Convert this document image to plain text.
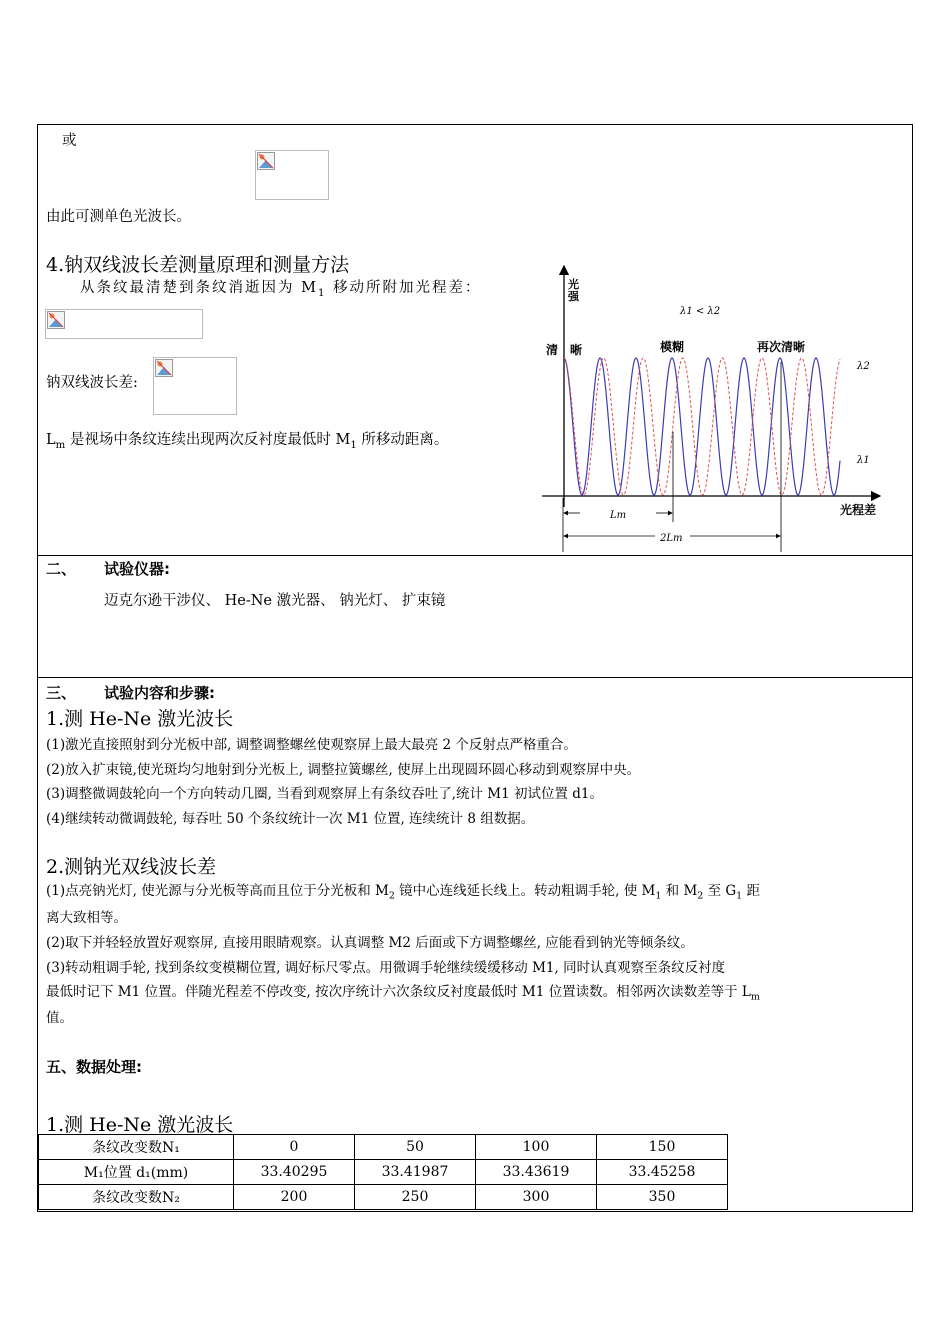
或
由此可测单色光波长。
4.钠双线波长差测量原理和测量方法
从条纹最清楚到条纹消逝因为 $M_1$ 移动所附加光程差：
钠双线波长差:
$L_m$ 是视场中条纹连续出现两次反衬度最低时 $M_1$ 所移动距离。
光
强
λ1 < λ2
清　晰	模糊	再次清晰
λ2
λ1
光程差
Lm
2Lm
二、 试验仪器:
迈克尔逊干涉仪、 He-Ne 激光器、 钠光灯、 扩束镜
三、 试验内容和步骤:
1.测 He-Ne 激光波长
(1)激光直接照射到分光板中部, 调整调整螺丝使观察屏上最大最亮 2 个反射点严格重合。
(2)放入扩束镜,使光斑均匀地射到分光板上, 调整拉簧螺丝, 使屏上出现圆环圆心移动到观察屏中央。
(3)调整微调鼓轮向一个方向转动几圈, 当看到观察屏上有条纹吞吐了,统计 M1 初试位置 d1。
(4)继续转动微调鼓轮, 每吞吐 50 个条纹统计一次 M1 位置, 连续统计 8 组数据。
2.测钠光双线波长差
(1)点亮钠光灯, 使光源与分光板等高而且位于分光板和 $M_2$ 镜中心连线延长线上。转动粗调手轮, 使 $M_1$ 和 $M_2$ 至 $G_1$ 距
离大致相等。
(2)取下并轻轻放置好观察屏, 直接用眼睛观察。认真调整 M2 后面或下方调整螺丝, 应能看到钠光等倾条纹。
(3)转动粗调手轮, 找到条纹变模糊位置, 调好标尺零点。用微调手轮继续缓缓移动 M1, 同时认真观察至条纹反衬度
最低时记下 M1 位置。伴随光程差不停改变, 按次序统计六次条纹反衬度最低时 M1 位置读数。相邻两次读数差等于 $L_m$
值。
五、数据处理:
1.测 He-Ne 激光波长
条纹改变数N₁	0	50	100	150
M₁位置 d₁(mm)	33.40295	33.41987	33.43619	33.45258
条纹改变数N₂	200	250	300	350
